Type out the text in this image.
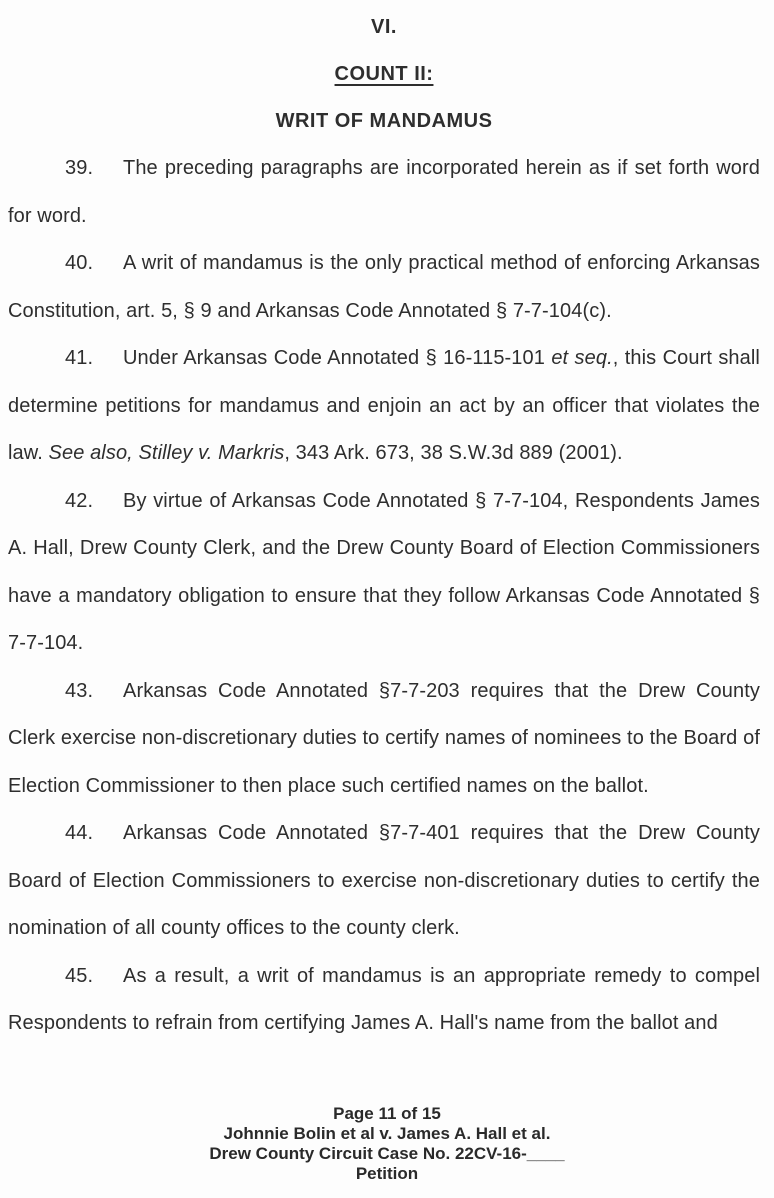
VI.
COUNT II:
WRIT OF MANDAMUS

39. The preceding paragraphs are incorporated herein as if set forth word for word.

40. A writ of mandamus is the only practical method of enforcing Arkansas Constitution, art. 5, § 9 and Arkansas Code Annotated § 7-7-104(c).

41. Under Arkansas Code Annotated § 16-115-101 et seq., this Court shall determine petitions for mandamus and enjoin an act by an officer that violates the law. See also, Stilley v. Markris, 343 Ark. 673, 38 S.W.3d 889 (2001).

42. By virtue of Arkansas Code Annotated § 7-7-104, Respondents James A. Hall, Drew County Clerk, and the Drew County Board of Election Commissioners have a mandatory obligation to ensure that they follow Arkansas Code Annotated § 7-7-104.

43. Arkansas Code Annotated §7-7-203 requires that the Drew County Clerk exercise non-discretionary duties to certify names of nominees to the Board of Election Commissioner to then place such certified names on the ballot.

44. Arkansas Code Annotated §7-7-401 requires that the Drew County Board of Election Commissioners to exercise non-discretionary duties to certify the nomination of all county offices to the county clerk.

45. As a result, a writ of mandamus is an appropriate remedy to compel Respondents to refrain from certifying James A. Hall's name from the ballot and

Page 11 of 15
Johnnie Bolin et al v. James A. Hall et al.
Drew County Circuit Case No. 22CV-16-____
Petition
